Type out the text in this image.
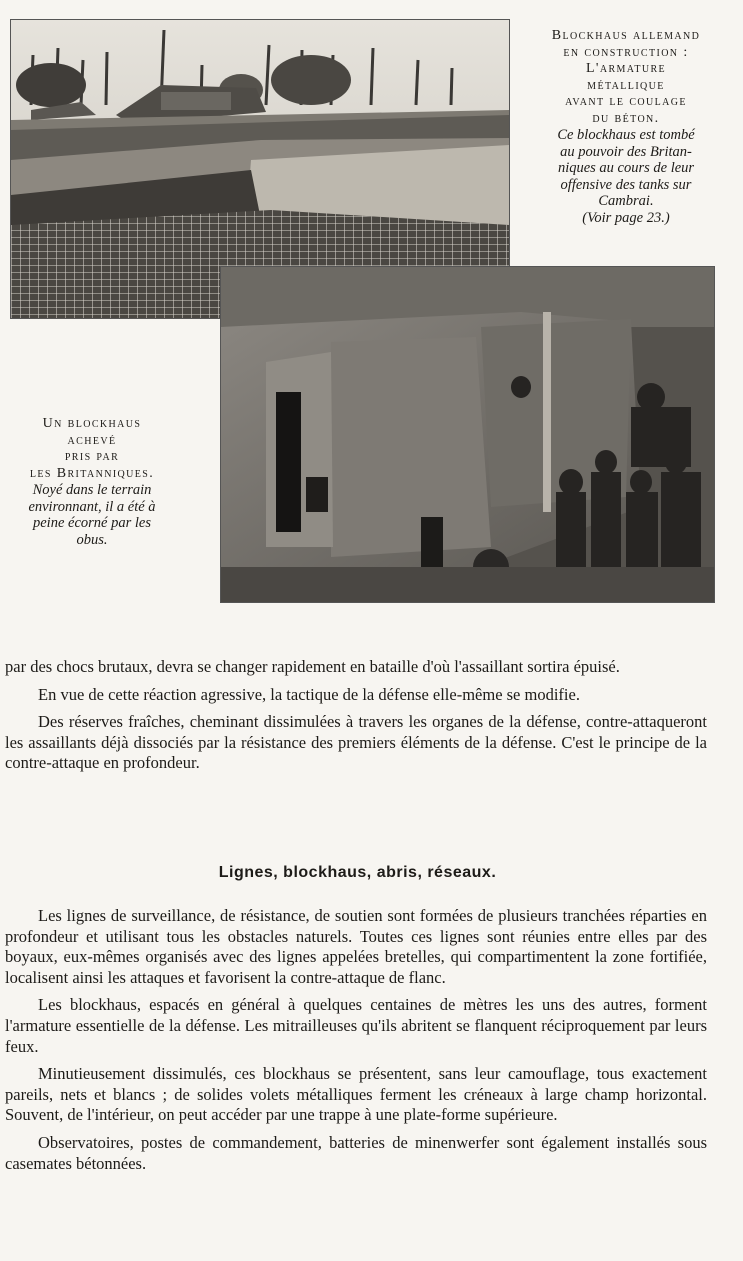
Blockhaus allemand
en construction :
L'armature
métallique
avant le coulage
du béton.
Ce blockhaus est tombé
au pouvoir des Britan-
niques au cours de leur
offensive des tanks sur
Cambrai.
(Voir page 23.)
Un blockhaus
achevé
pris par
les Britanniques.
Noyé dans le terrain
environnant, il a été à
peine écorné par les
obus.

par des chocs brutaux, devra se changer rapidement en bataille d'où l'assaillant sortira épuisé.

En vue de cette réaction agressive, la tactique de la défense elle-même se modifie.

Des réserves fraîches, cheminant dissimulées à travers les organes de la défense, contre-attaqueront les assaillants déjà dissociés par la résistance des premiers éléments de la défense. C'est le principe de la contre-attaque en profondeur.

Lignes, blockhaus, abris, réseaux.

Les lignes de surveillance, de résistance, de soutien sont formées de plusieurs tranchées réparties en profondeur et utilisant tous les obstacles naturels. Toutes ces lignes sont réunies entre elles par des boyaux, eux-mêmes organisés avec des lignes appelées bretelles, qui compartimentent la zone fortifiée, localisent ainsi les attaques et favorisent la contre-attaque de flanc.

Les blockhaus, espacés en général à quelques centaines de mètres les uns des autres, forment l'armature essentielle de la défense. Les mitrailleuses qu'ils abritent se flanquent réciproquement par leurs feux.

Minutieusement dissimulés, ces blockhaus se présentent, sans leur camouflage, tous exactement pareils, nets et blancs ; de solides volets métalliques ferment les créneaux à large champ horizontal. Souvent, de l'intérieur, on peut accéder par une trappe à une plate-forme supérieure.

Observatoires, postes de commandement, batteries de minenwerfer sont également installés sous casemates bétonnées.
